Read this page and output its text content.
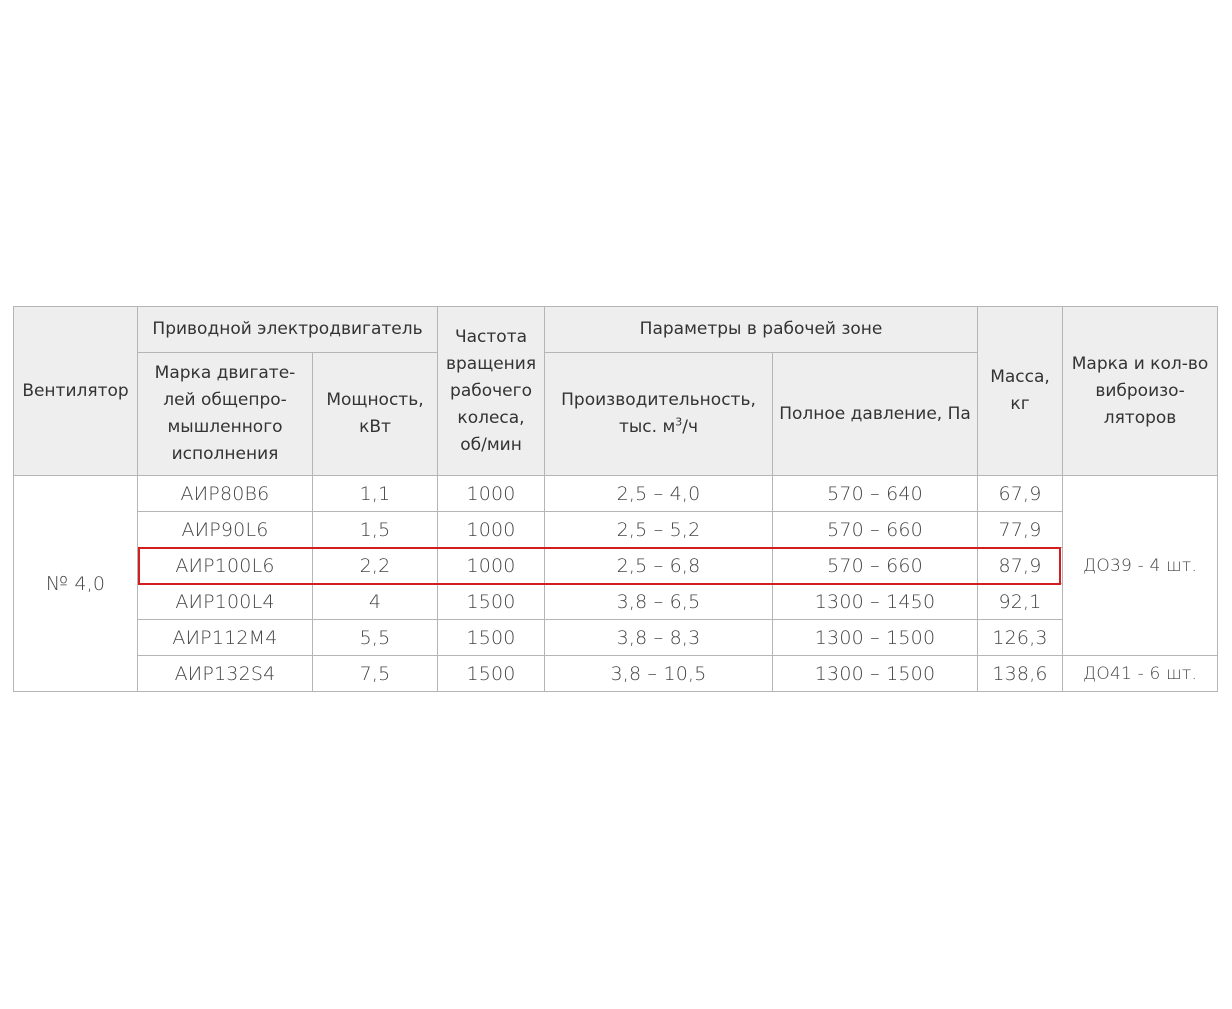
Вентилятор	Приводной электродвигатель		Частота вращения рабочего колеса, об/мин	Параметры в рабочей зоне		Масса, кг	Марка и кол-во виброизо-ляторов
	Марка двигате-лей общепро-мышленного исполнения	Мощность, кВт		Производительность, тыс. $м^3/ч$	Полное давление, Па		
№ 4,0	АИР80В6	1,1	1000	2,5 – 4,0	570 – 640	67,9	ДО39 - 4 шт.
	АИР90L6	1,5	1000	2,5 – 5,2	570 – 660	77,9	
	АИР100L6	2,2	1000	2,5 – 6,8	570 – 660	87,9	
	АИР100L4	4	1500	3,8 – 6,5	1300 – 1450	92,1	
	АИР112М4	5,5	1500	3,8 – 8,3	1300 – 1500	126,3	
	АИР132S4	7,5	1500	3,8 – 10,5	1300 – 1500	138,6	ДО41 - 6 шт.
